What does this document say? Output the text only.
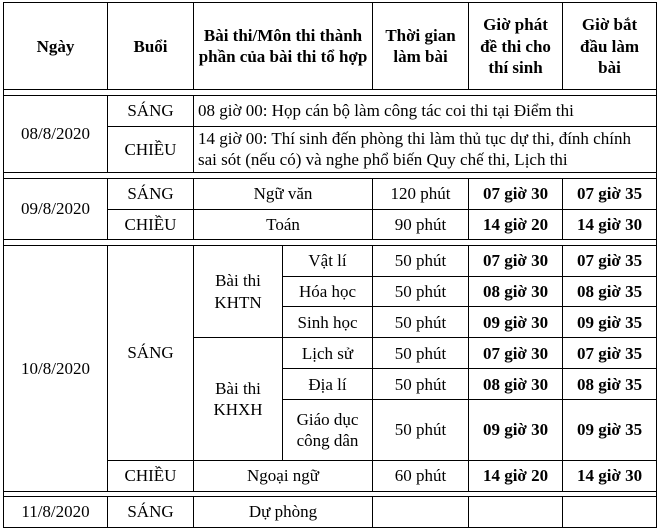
Ngày	Buổi	Bài thi/Môn thi thành phần của bài thi tổ hợp		Thời gian làm bài	Giờ phát đề thi cho thí sinh	Giờ bắt đầu làm bài

08/8/2020	SÁNG	08 giờ 00: Họp cán bộ làm công tác coi thi tại Điểm thi				
	CHIỀU	14 giờ 00: Thí sinh đến phòng thi làm thủ tục dự thi, đính chính sai sót (nếu có) và nghe phổ biến Quy chế thi, Lịch thi				

09/8/2020	SÁNG	Ngữ văn		120 phút	07 giờ 30	07 giờ 35
	CHIỀU	Toán		90 phút	14 giờ 20	14 giờ 30

10/8/2020	SÁNG	Bài thi KHTN	Vật lí	50 phút	07 giờ 30	07 giờ 35
			Hóa học	50 phút	08 giờ 30	08 giờ 35
			Sinh học	50 phút	09 giờ 30	09 giờ 35
		Bài thi KHXH	Lịch sử	50 phút	07 giờ 30	07 giờ 35
			Địa lí	50 phút	08 giờ 30	08 giờ 35
			Giáo dục công dân	50 phút	09 giờ 30	09 giờ 35
	CHIỀU	Ngoại ngữ		60 phút	14 giờ 20	14 giờ 30

11/8/2020	SÁNG	Dự phòng				
